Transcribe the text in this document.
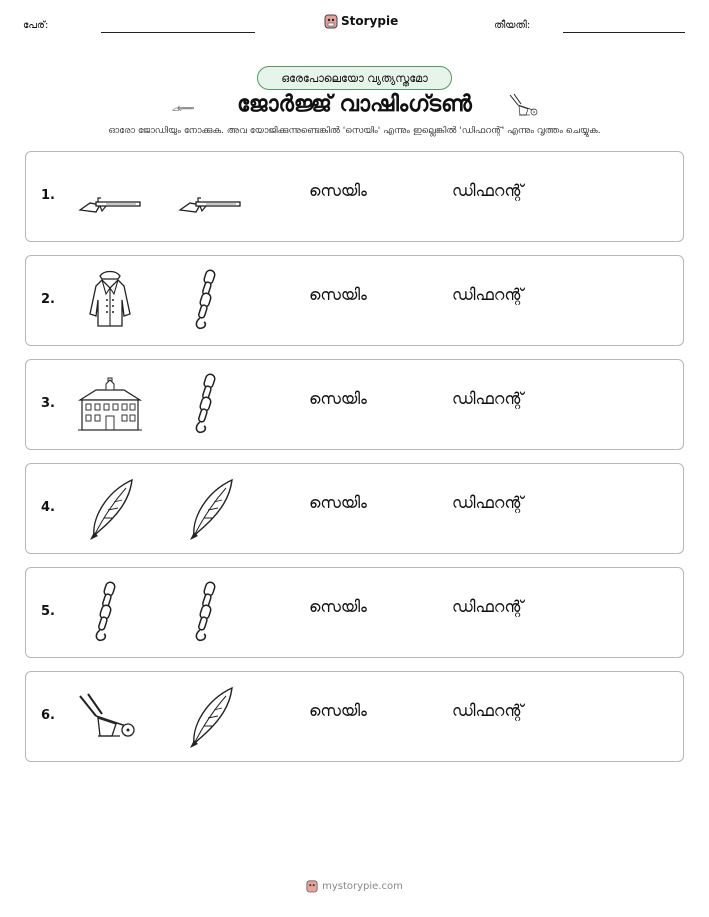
പേര്:	Storypie	തീയതി:
ഒരേപോലെയോ വ്യത്യസ്തമോ
ജോർജ്ജ് വാഷിംഗ്ടൺ
ഓരോ ജോഡിയും നോക്കുക. അവ യോജിക്കുന്നുണ്ടെങ്കിൽ 'സെയിം' എന്നും ഇല്ലെങ്കിൽ 'ഡിഫറന്റ്' എന്നും വൃത്തം ചെയ്യുക.
1.	സെയിം	ഡിഫറന്റ്
2.	സെയിം	ഡിഫറന്റ്
3.	സെയിം	ഡിഫറന്റ്
4.	സെയിം	ഡിഫറന്റ്
5.	സെയിം	ഡിഫറന്റ്
6.	സെയിം	ഡിഫറന്റ്
mystorypie.com
